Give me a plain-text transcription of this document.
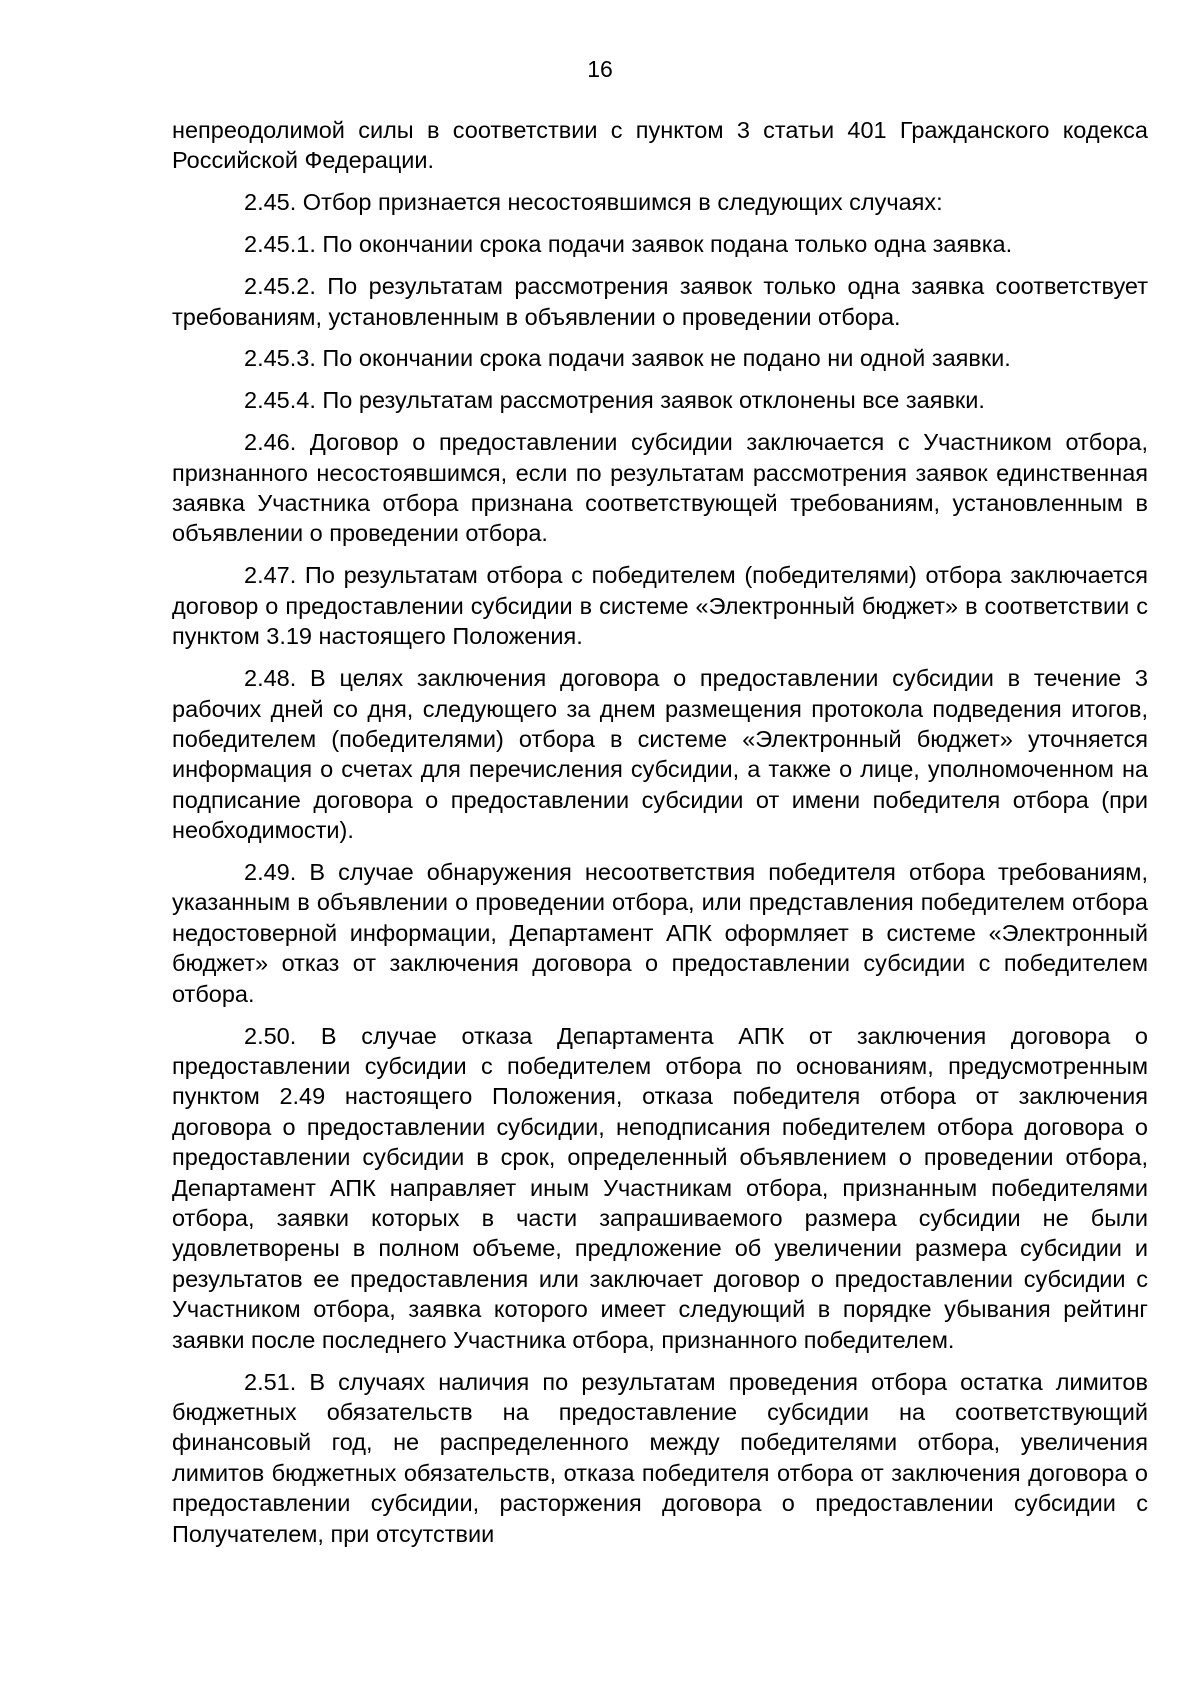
16

непреодолимой силы в соответствии с пунктом 3 статьи 401 Гражданского кодекса Российской Федерации.

2.45. Отбор признается несостоявшимся в следующих случаях:

2.45.1. По окончании срока подачи заявок подана только одна заявка.

2.45.2. По результатам рассмотрения заявок только одна заявка соответствует требованиям, установленным в объявлении о проведении отбора.

2.45.3. По окончании срока подачи заявок не подано ни одной заявки.

2.45.4. По результатам рассмотрения заявок отклонены все заявки.

2.46. Договор о предоставлении субсидии заключается с Участником отбора, признанного несостоявшимся, если по результатам рассмотрения заявок единственная заявка Участника отбора признана соответствующей требованиям, установленным в объявлении о проведении отбора.

2.47. По результатам отбора с победителем (победителями) отбора заключается договор о предоставлении субсидии в системе «Электронный бюджет» в соответствии с пунктом 3.19 настоящего Положения.

2.48. В целях заключения договора о предоставлении субсидии в течение 3 рабочих дней со дня, следующего за днем размещения протокола подведения итогов, победителем (победителями) отбора в системе «Электронный бюджет» уточняется информация о счетах для перечисления субсидии, а также о лице, уполномоченном на подписание договора о предоставлении субсидии от имени победителя отбора (при необходимости).

2.49. В случае обнаружения несоответствия победителя отбора требованиям, указанным в объявлении о проведении отбора, или представления победителем отбора недостоверной информации, Департамент АПК оформляет в системе «Электронный бюджет» отказ от заключения договора о предоставлении субсидии с победителем отбора.

2.50. В случае отказа Департамента АПК от заключения договора о предоставлении субсидии с победителем отбора по основаниям, предусмотренным пунктом 2.49 настоящего Положения, отказа победителя отбора от заключения договора о предоставлении субсидии, неподписания победителем отбора договора о предоставлении субсидии в срок, определенный объявлением о проведении отбора, Департамент АПК направляет иным Участникам отбора, признанным победителями отбора, заявки которых в части запрашиваемого размера субсидии не были удовлетворены в полном объеме, предложение об увеличении размера субсидии и результатов ее предоставления или заключает договор о предоставлении субсидии с Участником отбора, заявка которого имеет следующий в порядке убывания рейтинг заявки после последнего Участника отбора, признанного победителем.

2.51. В случаях наличия по результатам проведения отбора остатка лимитов бюджетных обязательств на предоставление субсидии на соответствующий финансовый год, не распределенного между победителями отбора, увеличения лимитов бюджетных обязательств, отказа победителя отбора от заключения договора о предоставлении субсидии, расторжения договора о предоставлении субсидии с Получателем, при отсутствии
